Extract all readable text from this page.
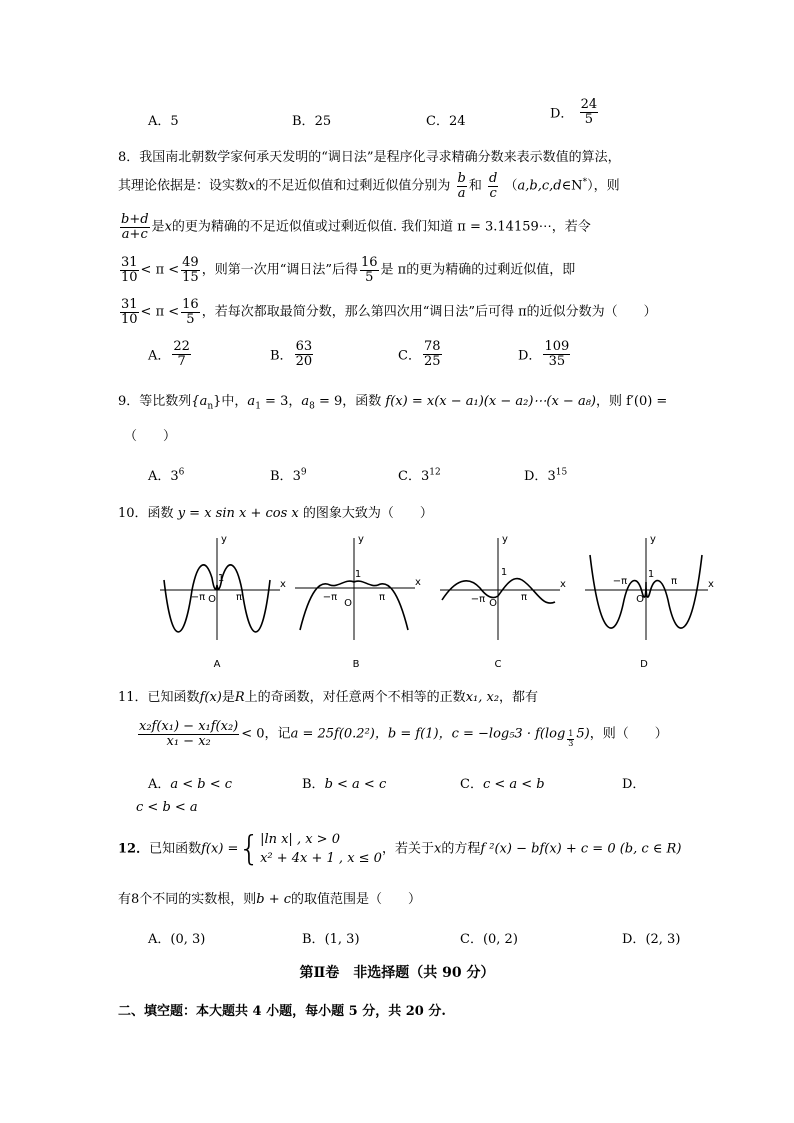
A．5	B．25	C．24	D． $\frac{24}{5}$
8．我国南北朝数学家何承天发明的“调日法”是程序化寻求精确分数来表示数值的算法，
其理论依据是：设实数x的不足近似值和过剩近似值分别为 $\frac{b}{a}$ 和 $\frac{d}{c}$ （a,b,c,d∈N*），则
$\frac{b+d}{a+c}$ 是x的更为精确的不足近似值或过剩近似值. 我们知道 π = 3.14159⋯，若令
$\frac{31}{10} < \pi < \frac{49}{15}$ ，则第一次用“调日法”后得 $\frac{16}{5}$ 是 π的更为精确的过剩近似值，即
$\frac{31}{10} < \pi < \frac{16}{5}$ ，若每次都取最简分数，那么第四次用“调日法”后可得 π的近似分数为（　　）
A． $\frac{22}{7}$	B． $\frac{63}{20}$	C． $\frac{78}{25}$	D． $\frac{109}{35}$
9．等比数列$\{a_n\}$中，$a_1 = 3$，$a_8 = 9$，函数 f(x) = x(x − a₁)(x − a₂)⋯(x − a₈)，则 f′(0) =
（　　）
A．$3^6$	B．$3^9$	C．$3^{12}$	D．$3^{15}$
10．函数 y = x sin x + cos x 的图象大致为（　　）
x
y
1
O
−π	π
A
x
y
1
O
−π	π
B
x
y
1
O
−π	π
C
x
y
1
O
−π	π
D
11．已知函数f(x)是R上的奇函数，对任意两个不相等的正数x₁, x₂，都有
$\frac{\text{x₂f(x₁) − x₁f(x₂)}}{\text{x₁ − x₂}} < 0$，记a = 25f(0.2²)，b = f(1)，$c = -\log_53 \cdot f(\log \frac{1}{3} 5)$，则（　　）
A．a < b < c	B．b < a < c	C．c < a < b	D．
c < b < a
12．已知函数f(x) ={ |ln x| , x > 0
x² + 4x + 1 , x ≤ 0
，若关于x的方程f ²(x) − bf(x) + c = 0 (b, c ∈ R)
有8个不同的实数根，则b + c的取值范围是（　　）
A．(0, 3)	B．(1, 3)	C．(0, 2)	D．(2, 3)
第Ⅱ卷　非选择题（共 90 分）
二、填空题：本大题共 4 小题，每小题 5 分，共 20 分.
